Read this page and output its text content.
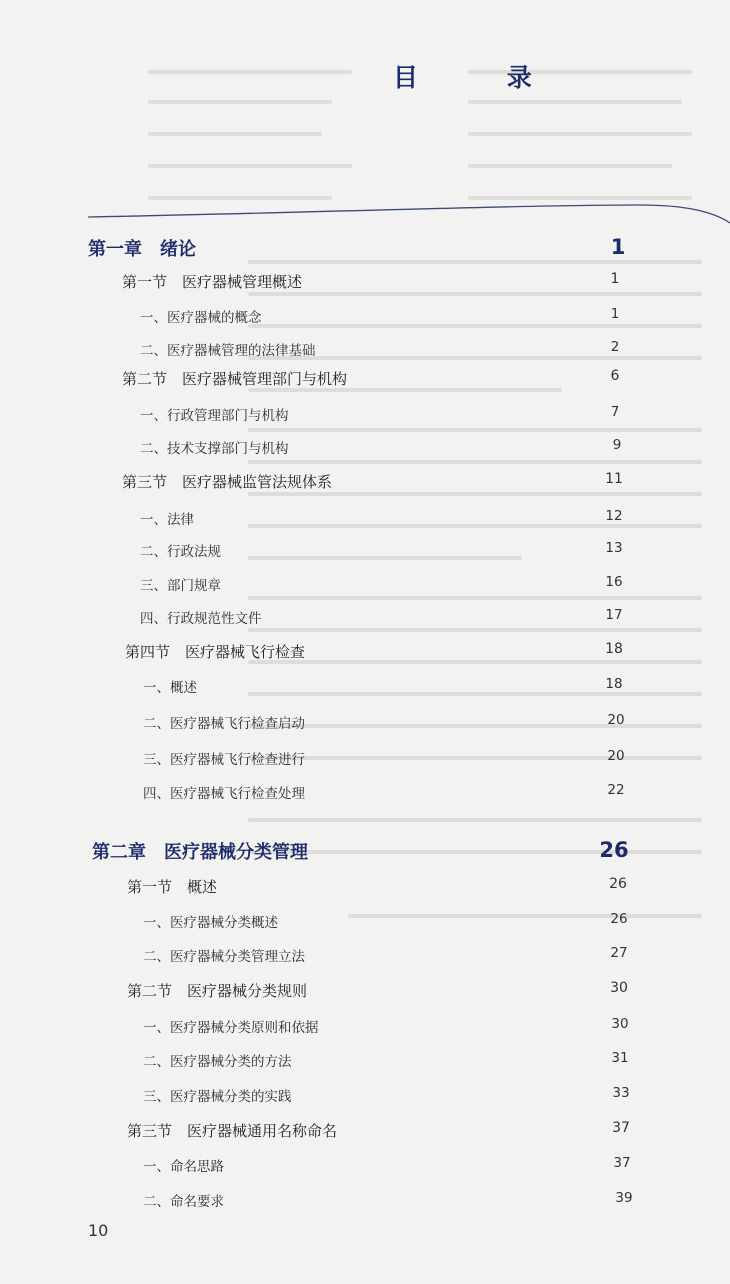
目 录
第一章　绪论	1
第一节　医疗器械管理概述	1
一、医疗器械的概念	1
二、医疗器械管理的法律基础	2
第二节　医疗器械管理部门与机构	6
一、行政管理部门与机构	7
二、技术支撑部门与机构	9
第三节　医疗器械监管法规体系	11
一、法律	12
二、行政法规	13
三、部门规章	16
四、行政规范性文件	17
第四节　医疗器械飞行检查	18
一、概述	18
二、医疗器械飞行检查启动	20
三、医疗器械飞行检查进行	20
四、医疗器械飞行检查处理	22
第二章　医疗器械分类管理	26
第一节　概述	26
一、医疗器械分类概述	26
二、医疗器械分类管理立法	27
第二节　医疗器械分类规则	30
一、医疗器械分类原则和依据	30
二、医疗器械分类的方法	31
三、医疗器械分类的实践	33
第三节　医疗器械通用名称命名	37
一、命名思路	37
二、命名要求	39
10
